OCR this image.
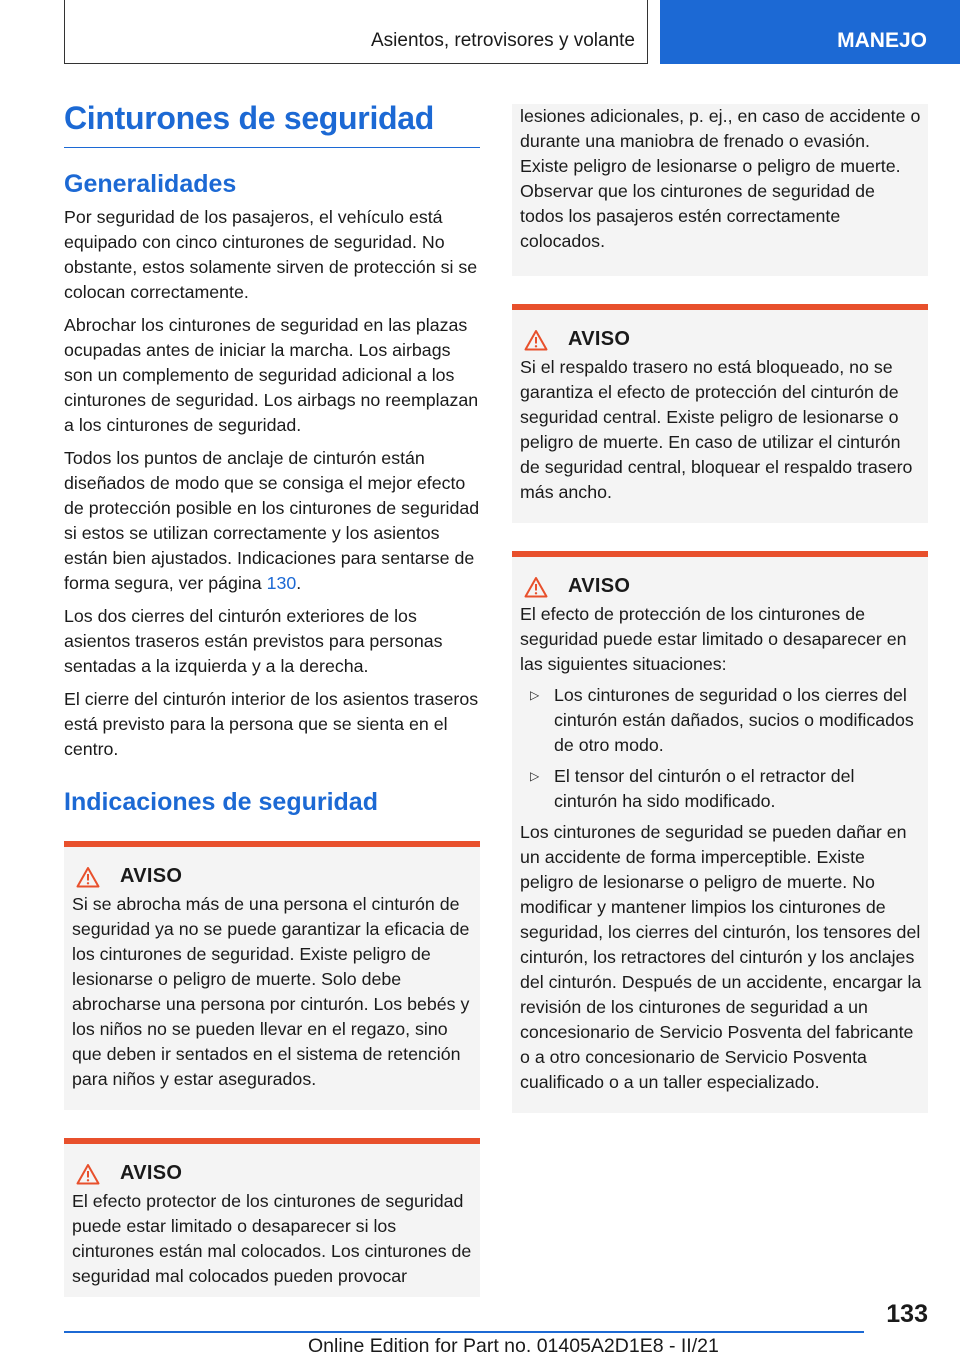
Asientos, retrovisores y volante	MANEJO
Cinturones de seguridad
Generalidades

Por seguridad de los pasajeros, el vehículo está equipado con cinco cinturones de seguridad. No obstante, estos solamente sirven de protección si se colocan correctamente.

Abrochar los cinturones de seguridad en las plazas ocupadas antes de iniciar la marcha. Los airbags son un complemento de seguridad adicional a los cinturones de seguridad. Los airbags no reemplazan a los cinturones de seguridad.

Todos los puntos de anclaje de cinturón están diseñados de modo que se consiga el mejor efecto de protección posible en los cinturones de seguridad si estos se utilizan correctamente y los asientos están bien ajustados. Indicaciones para sentarse de forma segura, ver página 130.

Los dos cierres del cinturón exteriores de los asientos traseros están previstos para personas sentadas a la izquierda y a la derecha.

El cierre del cinturón interior de los asientos traseros está previsto para la persona que se sienta en el centro.

Indicaciones de seguridad
AVISO

Si se abrocha más de una persona el cinturón de seguridad ya no se puede garantizar la eficacia de los cinturones de seguridad. Existe peligro de lesionarse o peligro de muerte. Solo debe abrocharse una persona por cinturón. Los bebés y los niños no se pueden llevar en el regazo, sino que deben ir sentados en el sistema de retención para niños y estar asegurados.

AVISO

El efecto protector de los cinturones de seguridad puede estar limitado o desaparecer si los cinturones están mal colocados. Los cinturones de seguridad mal colocados pueden provocar

lesiones adicionales, p. ej., en caso de accidente o durante una maniobra de frenado o evasión. Existe peligro de lesionarse o peligro de muerte. Observar que los cinturones de seguridad de todos los pasajeros estén correctamente colocados.

AVISO

Si el respaldo trasero no está bloqueado, no se garantiza el efecto de protección del cinturón de seguridad central. Existe peligro de lesionarse o peligro de muerte. En caso de utilizar el cinturón de seguridad central, bloquear el respaldo trasero más ancho.

AVISO

El efecto de protección de los cinturones de seguridad puede estar limitado o desaparecer en las siguientes situaciones:

▷ Los cinturones de seguridad o los cierres del cinturón están dañados, sucios o modificados de otro modo.
▷ El tensor del cinturón o el retractor del cinturón ha sido modificado.

Los cinturones de seguridad se pueden dañar en un accidente de forma imperceptible. Existe peligro de lesionarse o peligro de muerte. No modificar y mantener limpios los cinturones de seguridad, los cierres del cinturón, los tensores del cinturón, los retractores del cinturón y los anclajes del cinturón. Después de un accidente, encargar la revisión de los cinturones de seguridad a un concesionario de Servicio Posventa del fabricante o a otro concesionario de Servicio Posventa cualificado o a un taller especializado.

133
Online Edition for Part no. 01405A2D1E8 - II/21
